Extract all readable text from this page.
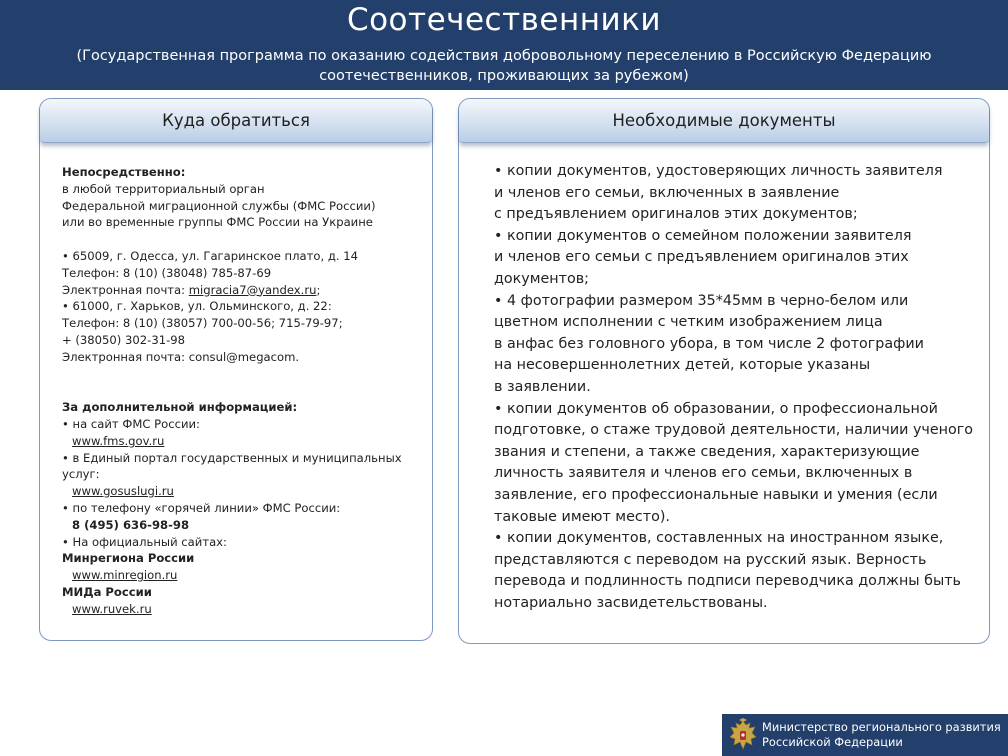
Соотечественники
(Государственная программа по оказанию содействия добровольному переселению в Российскую Федерацию
соотечественников, проживающих за рубежом)
Куда обратиться

Непосредственно:

в любой территориальный орган

Федеральной миграционной службы (ФМС России)

или во временные группы ФМС России на Украине

• 65009, г. Одесса, ул. Гагаринское плато, д. 14

Телефон: 8 (10) (38048) 785-87-69

Электронная почта: migracia7@yandex.ru;

• 61000, г. Харьков, ул. Ольминского, д. 22:

Телефон: 8 (10) (38057) 700-00-56; 715-79-97;

+ (38050) 302-31-98

Электронная почта: consul@megacom.

За дополнительной информацией:

• на сайт ФМС России:

www.fms.gov.ru

• в Единый портал государственных и муниципальных

услуг:

www.gosuslugi.ru

• по телефону «горячей линии» ФМС России:

8 (495) 636-98-98

• На официальный сайтах:

Минрегиона России

www.minregion.ru

МИДа России

www.ruvek.ru

Необходимые документы

• копии документов, удостоверяющих личность заявителя

и членов его семьи, включенных в заявление

с предъявлением оригиналов этих документов;

• копии документов о семейном положении заявителя

и членов его семьи с предъявлением оригиналов этих

документов;

• 4 фотографии размером 35*45мм в черно-белом или

цветном исполнении с четким изображением лица

в анфас без головного убора, в том числе 2 фотографии

на несовершеннолетних детей, которые указаны

в заявлении.

• копии документов об образовании, о профессиональной

подготовке, о стаже трудовой деятельности, наличии ученого

звания и степени, а также сведения, характеризующие

личность заявителя и членов его семьи, включенных в

заявление, его профессиональные навыки и умения (если

таковые имеют место).

• копии документов, составленных на иностранном языке,

представляются с переводом на русский язык. Верность

перевода и подлинность подписи переводчика должны быть

нотариально засвидетельствованы.

Министерство регионального развития
Российской Федерации
